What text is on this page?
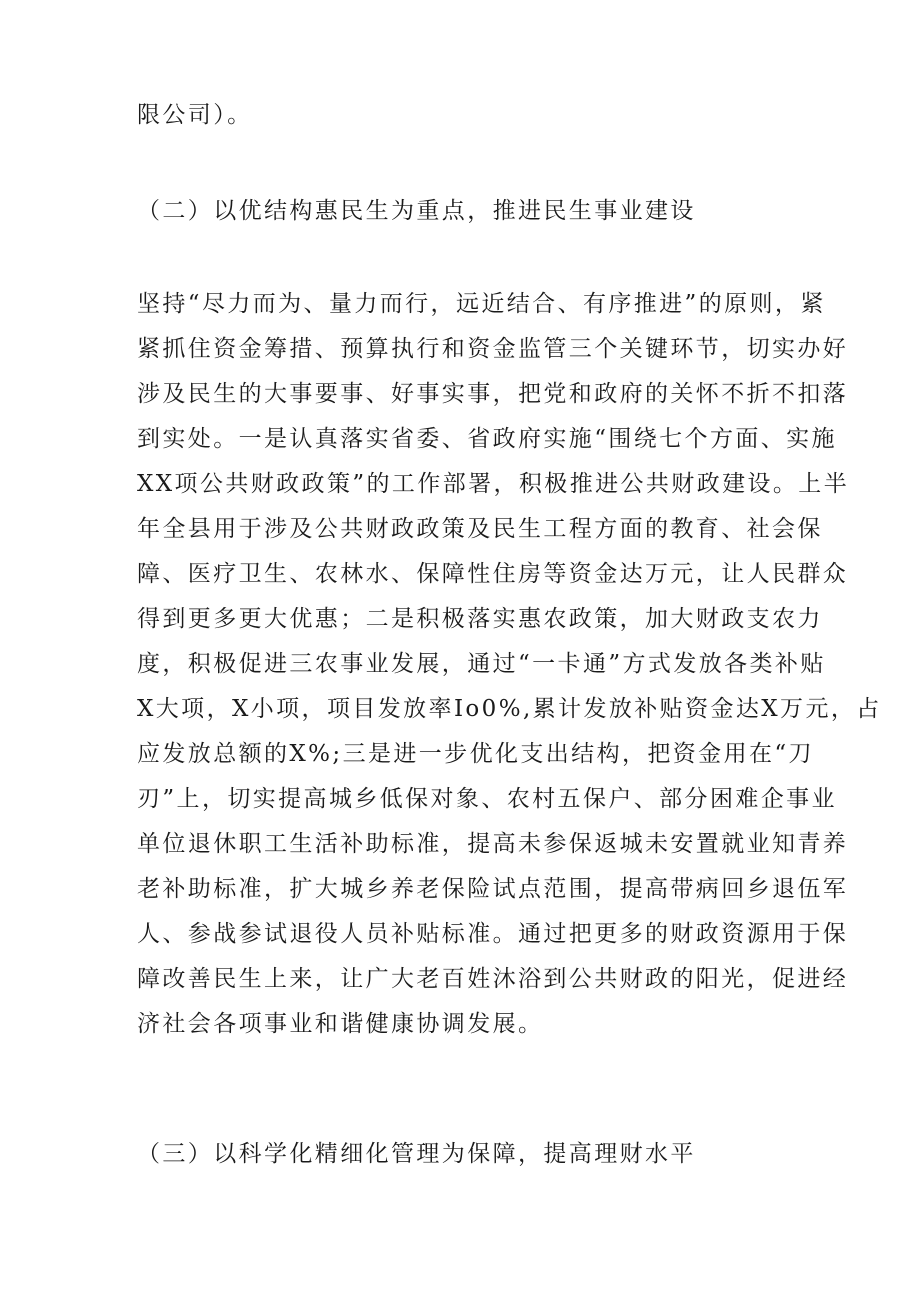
限公司）。
（二）以优结构惠民生为重点，推进民生事业建设
坚持“尽力而为、量力而行，远近结合、有序推进”的原则，紧
紧抓住资金筹措、预算执行和资金监管三个关键环节，切实办好
涉及民生的大事要事、好事实事，把党和政府的关怀不折不扣落
到实处。一是认真落实省委、省政府实施“围绕七个方面、实施
XX项公共财政政策”的工作部署，积极推进公共财政建设。上半
年全县用于涉及公共财政政策及民生工程方面的教育、社会保
障、医疗卫生、农林水、保障性住房等资金达万元，让人民群众
得到更多更大优惠；二是积极落实惠农政策，加大财政支农力
度，积极促进三农事业发展，通过“一卡通”方式发放各类补贴
X大项，X小项，项目发放率Io0%,累计发放补贴资金达X万元，占
应发放总额的X%;三是进一步优化支出结构，把资金用在“刀
刃”上，切实提高城乡低保对象、农村五保户、部分困难企事业
单位退休职工生活补助标准，提高未参保返城未安置就业知青养
老补助标准，扩大城乡养老保险试点范围，提高带病回乡退伍军
人、参战参试退役人员补贴标准。通过把更多的财政资源用于保
障改善民生上来，让广大老百姓沐浴到公共财政的阳光，促进经
济社会各项事业和谐健康协调发展。
（三）以科学化精细化管理为保障，提高理财水平
